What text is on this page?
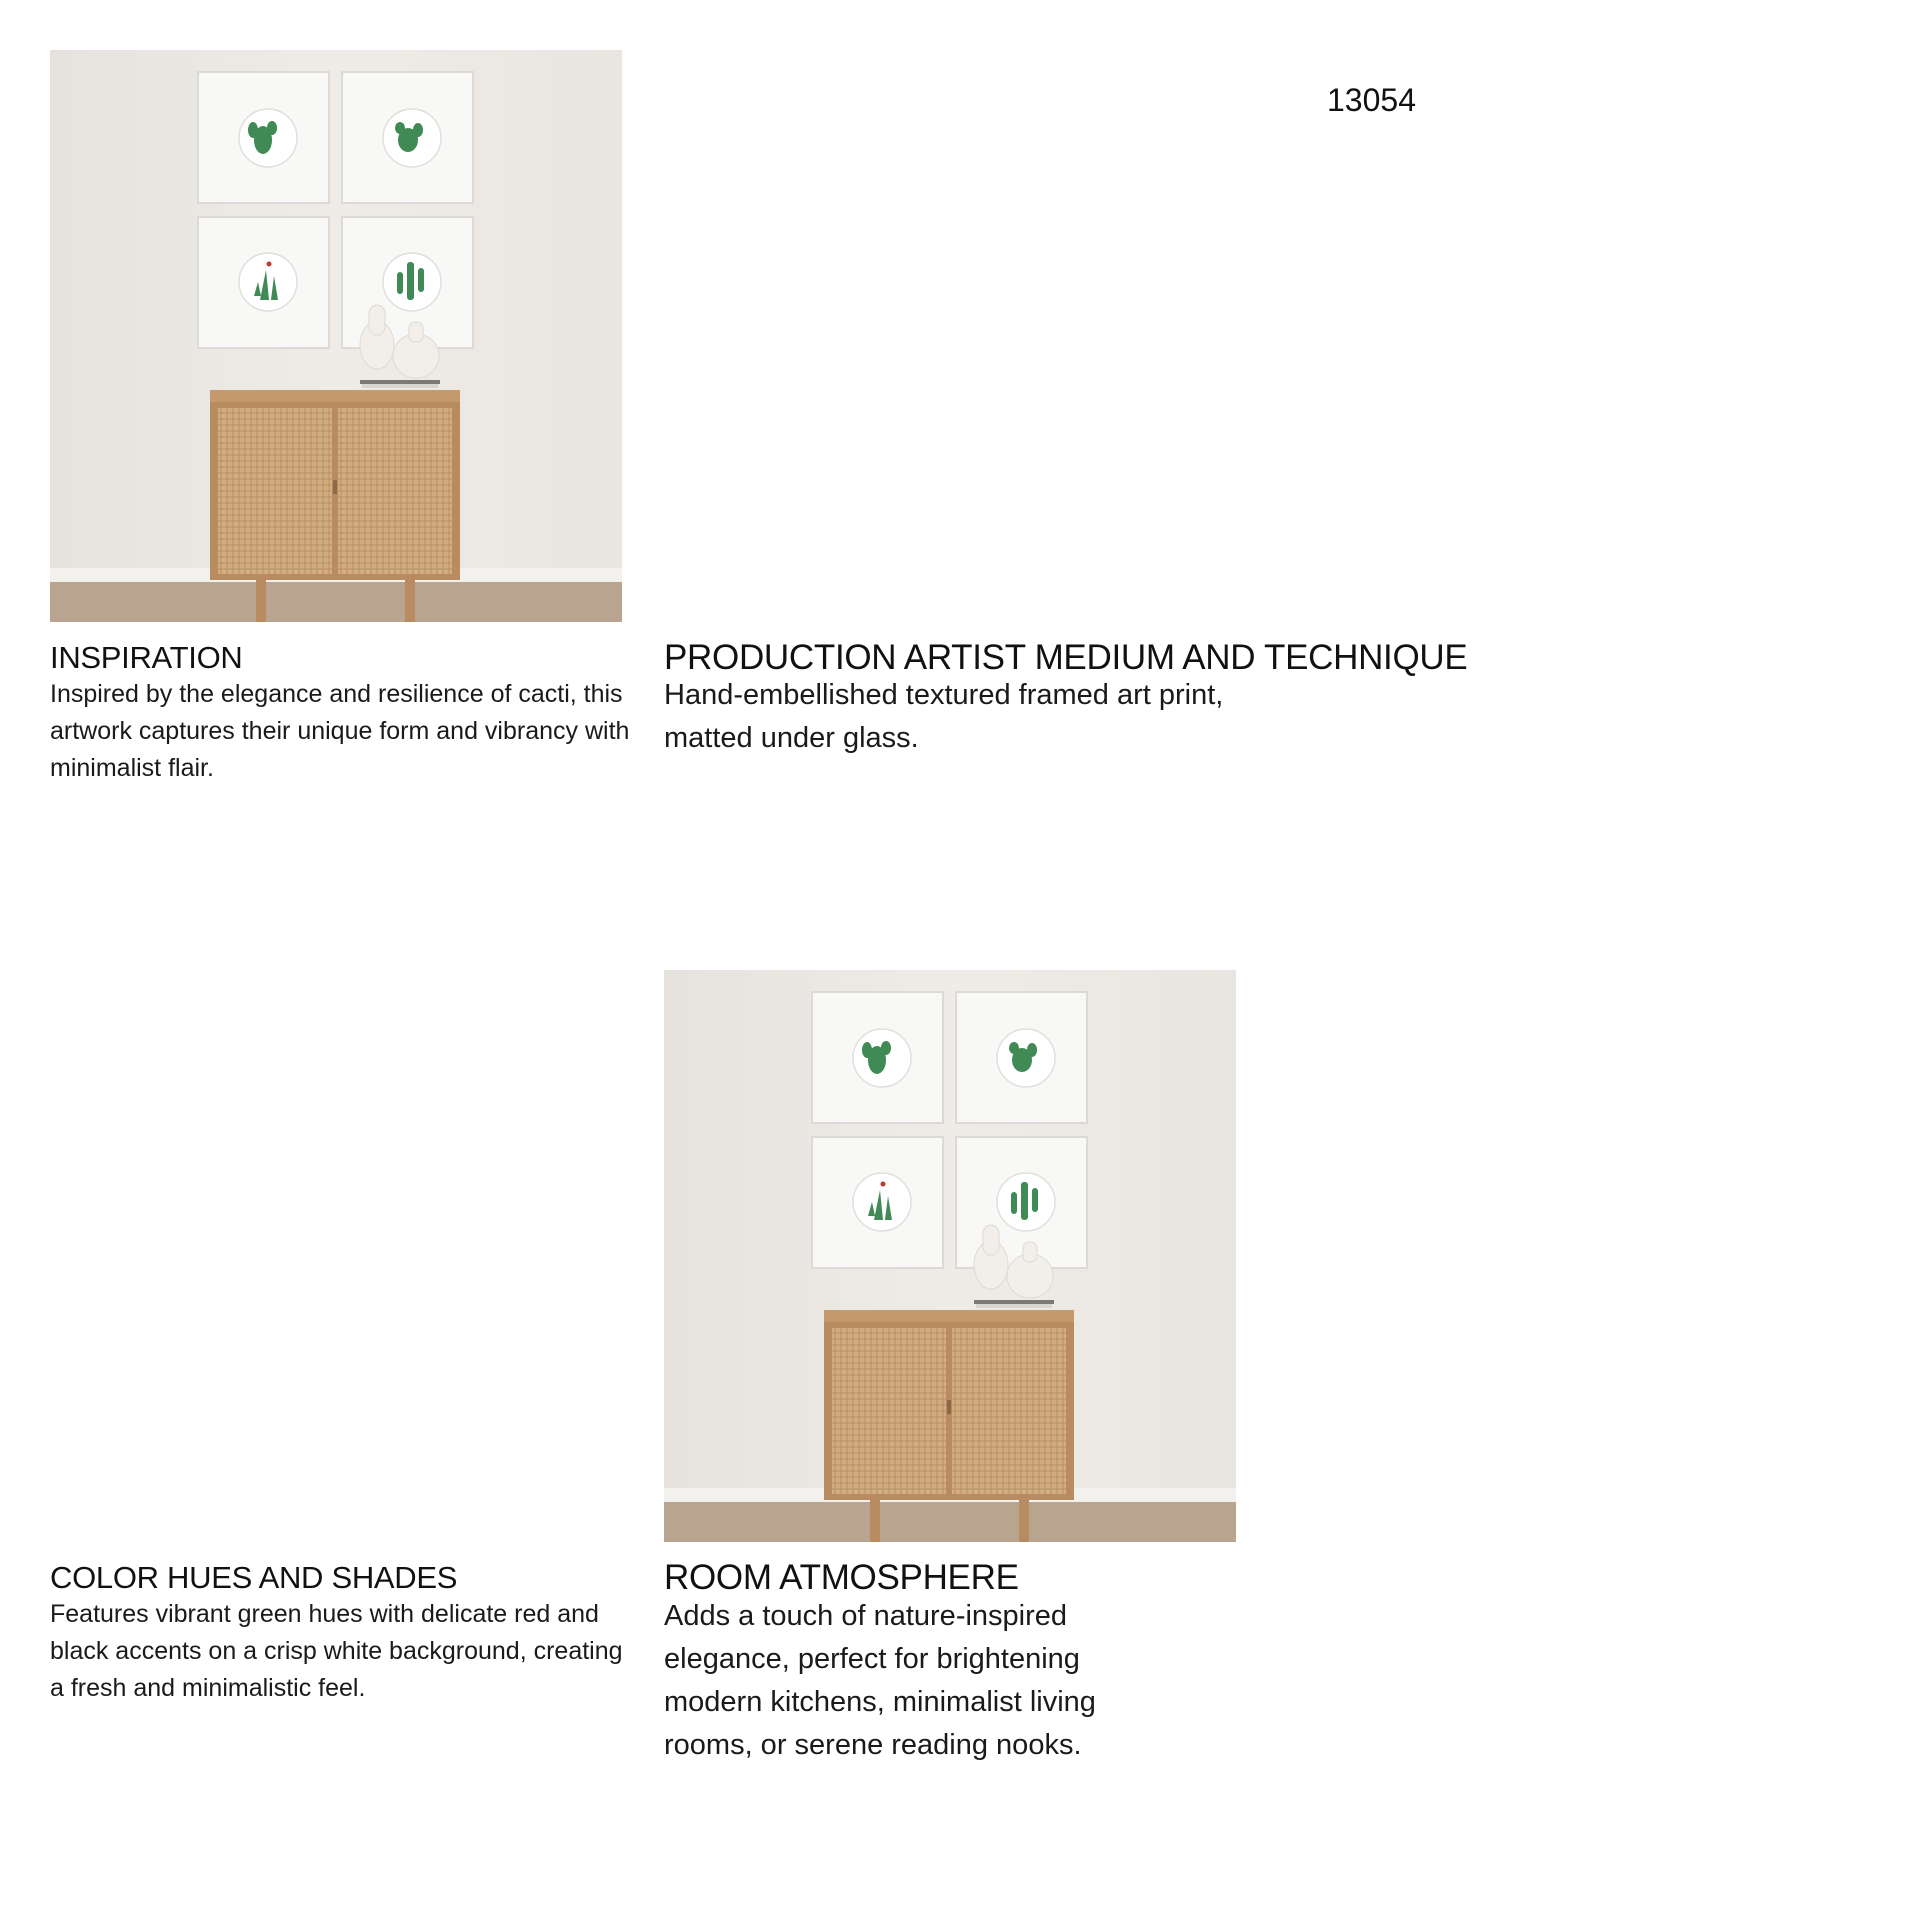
13054
INSPIRATION
Inspired by the elegance and resilience of cacti, this artwork captures their unique form and vibrancy with minimalist flair.
PRODUCTION ARTIST MEDIUM AND TECHNIQUE
Hand-embellished textured framed art print, matted under glass.
COLOR HUES AND SHADES
Features vibrant green hues with delicate red and black accents on a crisp white background, creating a fresh and minimalistic feel.
ROOM ATMOSPHERE
Adds a touch of nature-inspired elegance, perfect for brightening modern kitchens, minimalist living rooms, or serene reading nooks.
